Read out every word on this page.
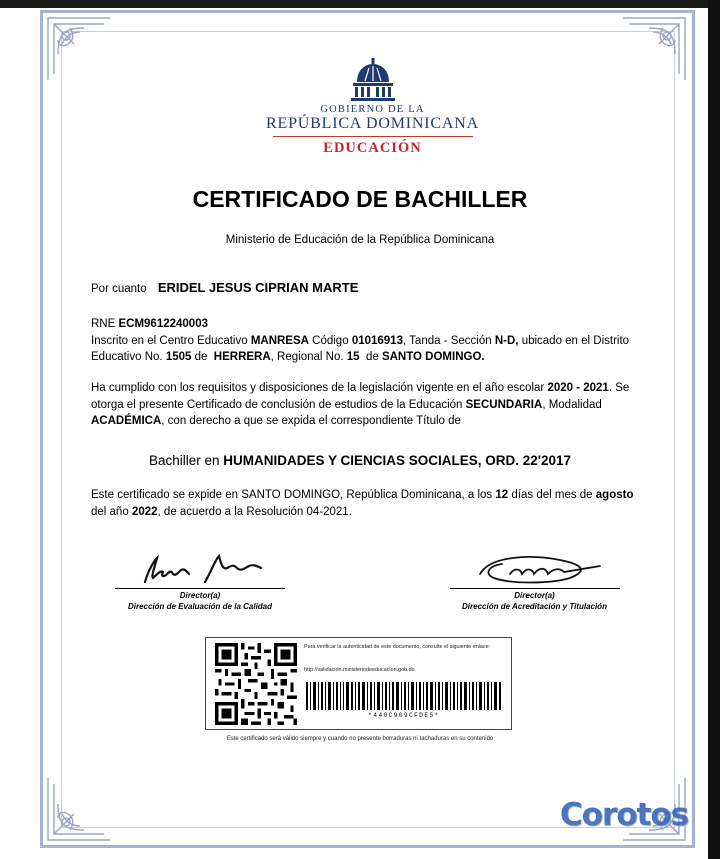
GOBIERNO DE LA
REPÚBLICA DOMINICANA
EDUCACIÓN
CERTIFICADO DE BACHILLER
Ministerio de Educación de la República Dominicana
Por cuanto ERIDEL JESUS CIPRIAN MARTE
RNE ECM9612240003
Inscrito en el Centro Educativo MANRESA Código 01016913, Tanda - Sección N-D, ubicado en el Distrito Educativo No. 1505 de HERRERA, Regional No. 15 de SANTO DOMINGO.
Ha cumplido con los requisitos y disposiciones de la legislación vigente en el año escolar 2020 - 2021. Se otorga el presente Certificado de conclusión de estudios de la Educación SECUNDARIA, Modalidad ACADÉMICA, con derecho a que se expida el correspondiente Título de
Bachiller en HUMANIDADES Y CIENCIAS SOCIALES, ORD. 22'2017
Este certificado se expide en SANTO DOMINGO, República Dominicana, a los 12 días del mes de agosto del año 2022, de acuerdo a la Resolución 04-2021.
Director(a)
Dirección de Evaluación de la Calidad
Director(a)
Dirección de Acreditación y Titulación
Para verificar la autenticidad de este documento, consulte el siguiente enlace:
http://validacion.ministeriodeeducacion.gob.do
*440C909CFDE5*
Este certificado será válido siempre y cuando no presente borraduras ni tachaduras en su contenido
Corotos
